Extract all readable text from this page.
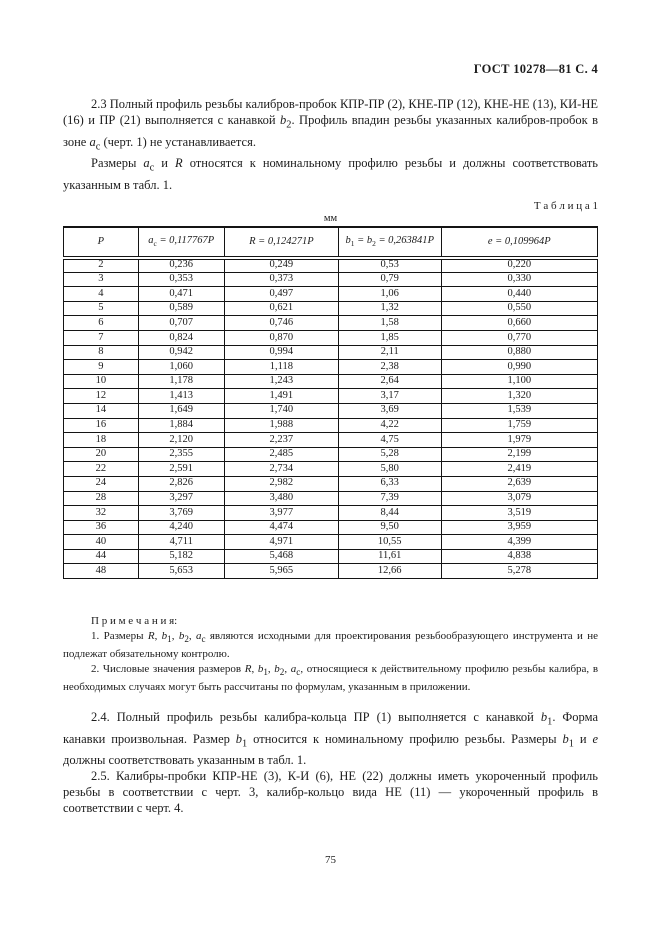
ГОСТ 10278—81 С. 4

2.3 Полный профиль резьбы калибров-пробок КПР-ПР (2), КНЕ-ПР (12), КНЕ-НЕ (13), КИ-НЕ (16) и ПР (21) выполняется с канавкой $b_2$. Профиль впадин резьбы указанных калибров-пробок в зоне $a_c$ (черт. 1) не устанавливается.

Размеры $a_c$ и R относятся к номинальному профилю резьбы и должны соответствовать указанным в табл. 1.

Т а б л и ц а 1
мм
P	$a_c = 0,117767P$	R = 0,124271P	$b_1 = b_2 = 0,263841P$	e = 0,109964P
2	0,236	0,249	0,53	0,220
3	0,353	0,373	0,79	0,330
4	0,471	0,497	1,06	0,440
5	0,589	0,621	1,32	0,550
6	0,707	0,746	1,58	0,660
7	0,824	0,870	1,85	0,770
8	0,942	0,994	2,11	0,880
9	1,060	1,118	2,38	0,990
10	1,178	1,243	2,64	1,100
12	1,413	1,491	3,17	1,320
14	1,649	1,740	3,69	1,539
16	1,884	1,988	4,22	1,759
18	2,120	2,237	4,75	1,979
20	2,355	2,485	5,28	2,199
22	2,591	2,734	5,80	2,419
24	2,826	2,982	6,33	2,639
28	3,297	3,480	7,39	3,079
32	3,769	3,977	8,44	3,519
36	4,240	4,474	9,50	3,959
40	4,711	4,971	10,55	4,399
44	5,182	5,468	11,61	4,838
48	5,653	5,965	12,66	5,278

П р и м е ч а н и я:

1. Размеры R, $b_1$, $b_2$, $a_c$ являются исходными для проектирования резьбообразующего инструмента и не подлежат обязательному контролю.

2. Числовые значения размеров R, $b_1$, $b_2$, $a_c$, относящиеся к действительному профилю резьбы калибра, в необходимых случаях могут быть рассчитаны по формулам, указанным в приложении.

2.4. Полный профиль резьбы калибра-кольца ПР (1) выполняется с канавкой $b_1$. Форма канавки произвольная. Размер $b_1$ относится к номинальному профилю резьбы. Размеры $b_1$ и e должны соответствовать указанным в табл. 1.

2.5. Калибры-пробки КПР-НЕ (3), К-И (6), НЕ (22) должны иметь укороченный профиль резьбы в соответствии с черт. 3, калибр-кольцо вида НЕ (11) — укороченный профиль в соответствии с черт. 4.

75
